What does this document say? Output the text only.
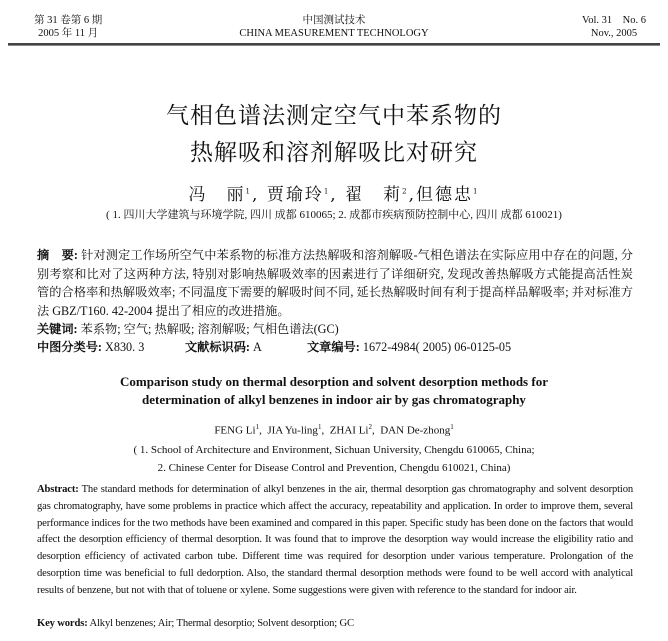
第 31 卷第 6 期
2005 年 11 月
中国测试技术
CHINA MEASUREMENT TECHNOLOGY
Vol. 31　No. 6
Nov., 2005
气相色谱法测定空气中苯系物的
热解吸和溶剂解吸比对研究
冯　丽$^1$, 贾瑜玲$^1$, 翟　莉$^2$,但德忠$^1$
( 1. 四川大学建筑与环境学院, 四川 成都 610065; 2. 成都市疾病预防控制中心, 四川 成都 610021)
摘　要: 针对测定工作场所空气中苯系物的标准方法热解吸和溶剂解吸-气相色谱法在实际应用中存在的问题, 分别考察和比对了这两种方法, 特别对影响热解吸效率的因素进行了详细研究, 发现改善热解吸方式能提高活性炭管的合格率和热解吸效率; 不同温度下需要的解吸时间不同, 延长热解吸时间有利于提高样品解吸率; 并对标准方法 GBZ/T160. 42-2004 提出了相应的改进措施。
关键词: 苯系物; 空气; 热解吸; 溶剂解吸; 气相色谱法(GC)
中图分类号: X830. 3	文献标识码: A	文章编号: 1672-4984( 2005) 06-0125-05
Comparison study on thermal desorption and solvent desorption methods for
determination of alkyl benzenes in indoor air by gas chromatography
FENG Li$^1$,  JIA Yu-ling$^1$,  ZHAI Li$^2$,  DAN De-zhong$^1$
( 1. School of Architecture and Environment, Sichuan University, Chengdu 610065, China;
2. Chinese Center for Disease Control and Prevention, Chengdu 610021, China)
Abstract: The standard methods for determination of alkyl benzenes in the air, thermal desorption gas chromatography and solvent desorption gas chromatography, have some problems in practice which affect the accuracy, repeatability and application. In order to improve them, several performance indices for the two methods have been examined and compared in this paper. Specific study has been done on the factors that would affect the desorption efficiency of thermal desorption. It was found that to improve the desorption way would increase the eligibility ratio and desorption efficiency of activated carbon tube. Different time was required for desorption under various temperature. Prolongation of the desorption time was beneficial to full dedorption. Also, the standard thermal desorption methods were found to be well accord with analytical results of benzene, but not with that of toluene or xylene. Some suggestions were given with reference to the standard for indoor air.
Key words: Alkyl benzenes; Air; Thermal desorptio; Solvent desorption; GC
